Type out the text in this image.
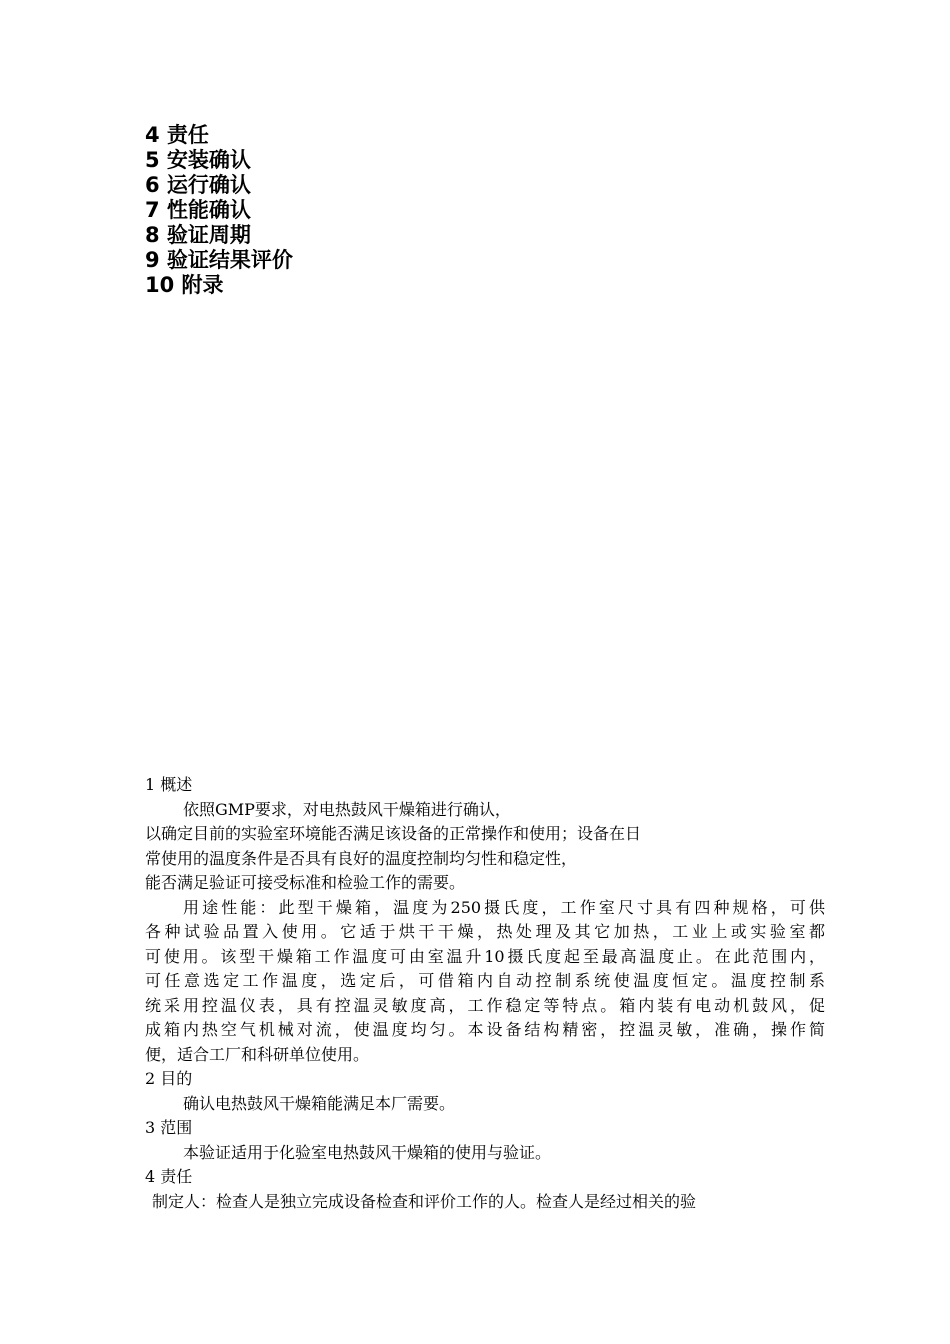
4 责任
5 安装确认
6 运行确认
7 性能确认
8 验证周期
9 验证结果评价
10 附录
1 概述
依照GMP要求，对电热鼓风干燥箱进行确认，
以确定目前的实验室环境能否满足该设备的正常操作和使用；设备在日
常使用的温度条件是否具有良好的温度控制均匀性和稳定性，
能否满足验证可接受标准和检验工作的需要。
用途性能：此型干燥箱，温度为250摄氏度，工作室尺寸具有四种规格，可供
各种试验品置入使用。它适于烘干干燥，热处理及其它加热，工业上或实验室都
可使用。该型干燥箱工作温度可由室温升10摄氏度起至最高温度止。在此范围内，
可任意选定工作温度，选定后，可借箱内自动控制系统使温度恒定。温度控制系
统采用控温仪表，具有控温灵敏度高，工作稳定等特点。箱内装有电动机鼓风，促
成箱内热空气机械对流，使温度均匀。本设备结构精密，控温灵敏，准确，操作简
便，适合工厂和科研单位使用。
2 目的
确认电热鼓风干燥箱能满足本厂需要。
3 范围
本验证适用于化验室电热鼓风干燥箱的使用与验证。
4 责任
制定人：检查人是独立完成设备检查和评价工作的人。检查人是经过相关的验
